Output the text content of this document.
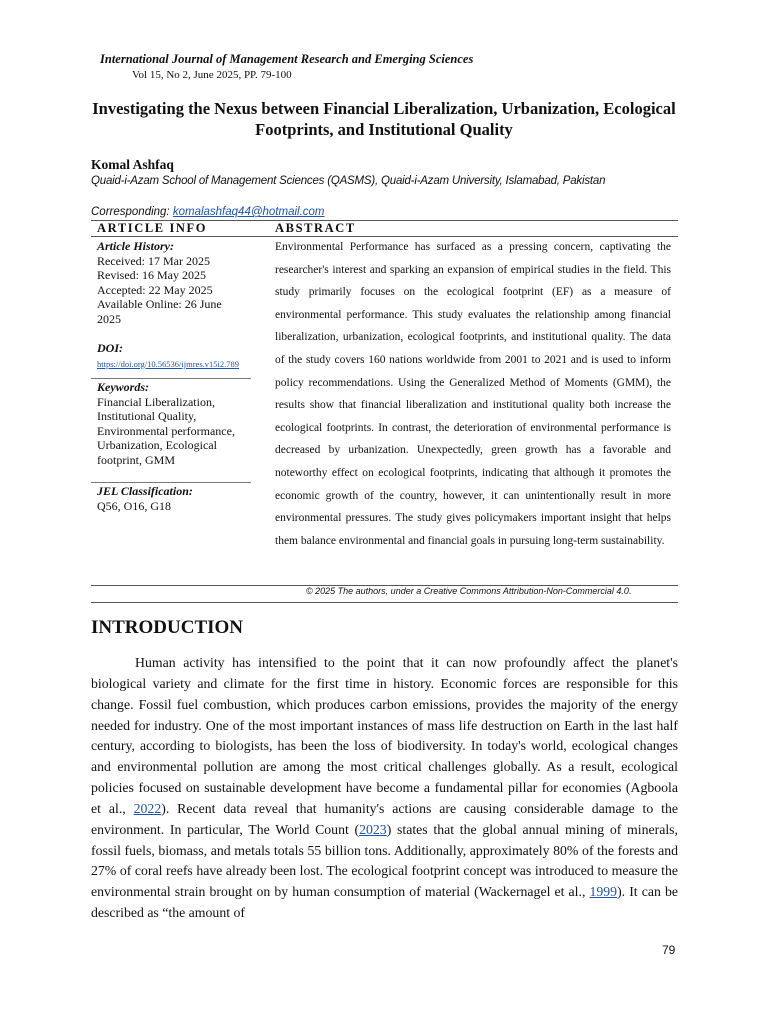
International Journal of Management Research and Emerging Sciences
Vol 15, No 2, June 2025, PP. 79-100
Investigating the Nexus between Financial Liberalization, Urbanization, Ecological Footprints, and Institutional Quality
Komal Ashfaq
Quaid-i-Azam School of Management Sciences (QASMS), Quaid-i-Azam University, Islamabad, Pakistan
Corresponding: komalashfaq44@hotmail.com
ARTICLE INFO	ABSTRACT
Article History:
Received: 17 Mar 2025
Revised: 16 May 2025
Accepted: 22 May 2025
Available Online: 26 June 2025
DOI:
https://doi.org/10.56536/ijmres.v15i2.789
Keywords:
Financial Liberalization, Institutional Quality, Environmental performance, Urbanization, Ecological footprint, GMM
JEL Classification:
Q56, O16, G18
Environmental Performance has surfaced as a pressing concern, captivating the researcher's interest and sparking an expansion of empirical studies in the field. This study primarily focuses on the ecological footprint (EF) as a measure of environmental performance. This study evaluates the relationship among financial liberalization, urbanization, ecological footprints, and institutional quality. The data of the study covers 160 nations worldwide from 2001 to 2021 and is used to inform policy recommendations. Using the Generalized Method of Moments (GMM), the results show that financial liberalization and institutional quality both increase the ecological footprints. In contrast, the deterioration of environmental performance is decreased by urbanization. Unexpectedly, green growth has a favorable and noteworthy effect on ecological footprints, indicating that although it promotes the economic growth of the country, however, it can unintentionally result in more environmental pressures. The study gives policymakers important insight that helps them balance environmental and financial goals in pursuing long-term sustainability.
© 2025 The authors, under a Creative Commons Attribution-Non-Commercial 4.0.
INTRODUCTION
Human activity has intensified to the point that it can now profoundly affect the planet's biological variety and climate for the first time in history. Economic forces are responsible for this change. Fossil fuel combustion, which produces carbon emissions, provides the majority of the energy needed for industry. One of the most important instances of mass life destruction on Earth in the last half century, according to biologists, has been the loss of biodiversity. In today's world, ecological changes and environmental pollution are among the most critical challenges globally. As a result, ecological policies focused on sustainable development have become a fundamental pillar for economies (Agboola et al., 2022). Recent data reveal that humanity's actions are causing considerable damage to the environment. In particular, The World Count (2023) states that the global annual mining of minerals, fossil fuels, biomass, and metals totals 55 billion tons. Additionally, approximately 80% of the forests and 27% of coral reefs have already been lost. The ecological footprint concept was introduced to measure the environmental strain brought on by human consumption of material (Wackernagel et al., 1999). It can be described as “the amount of
79
